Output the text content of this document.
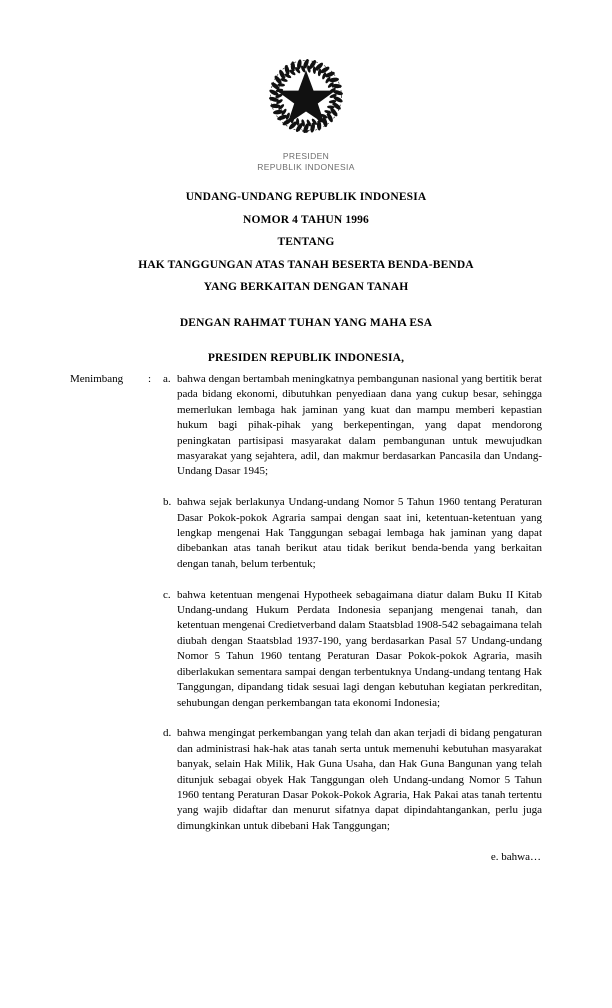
PRESIDEN
REPUBLIK INDONESIA
UNDANG-UNDANG REPUBLIK INDONESIA
NOMOR 4 TAHUN 1996
TENTANG
HAK TANGGUNGAN ATAS TANAH BESERTA BENDA-BENDA
YANG BERKAITAN DENGAN TANAH
DENGAN RAHMAT TUHAN YANG MAHA ESA
PRESIDEN REPUBLIK INDONESIA,
Menimbang	:	a. bahwa dengan bertambah meningkatnya pembangunan nasional yang bertitik berat pada bidang ekonomi, dibutuhkan penyediaan dana yang cukup besar, sehingga memerlukan lembaga hak jaminan yang kuat dan mampu memberi kepastian hukum bagi pihak-pihak yang berkepentingan, yang dapat mendorong peningkatan partisipasi masyarakat dalam pembangunan untuk mewujudkan masyarakat yang sejahtera, adil, dan makmur berdasarkan Pancasila dan Undang-Undang Dasar 1945;
b. bahwa sejak berlakunya Undang-undang Nomor 5 Tahun 1960 tentang Peraturan Dasar Pokok-pokok Agraria sampai dengan saat ini, ketentuan-ketentuan yang lengkap mengenai Hak Tanggungan sebagai lembaga hak jaminan yang dapat dibebankan atas tanah berikut atau tidak berikut benda-benda yang berkaitan dengan tanah, belum terbentuk;
c. bahwa ketentuan mengenai Hypotheek sebagaimana diatur dalam Buku II Kitab Undang-undang Hukum Perdata Indonesia sepanjang mengenai tanah, dan ketentuan mengenai Credietverband dalam Staatsblad 1908-542 sebagaimana telah diubah dengan Staatsblad 1937-190, yang berdasarkan Pasal 57 Undang-undang Nomor 5 Tahun 1960 tentang Peraturan Dasar Pokok-pokok Agraria, masih diberlakukan sementara sampai dengan terbentuknya Undang-undang tentang Hak Tanggungan, dipandang tidak sesuai lagi dengan kebutuhan kegiatan perkreditan, sehubungan dengan perkembangan tata ekonomi Indonesia;
d. bahwa mengingat perkembangan yang telah dan akan terjadi di bidang pengaturan dan administrasi hak-hak atas tanah serta untuk memenuhi kebutuhan masyarakat banyak, selain Hak Milik, Hak Guna Usaha, dan Hak Guna Bangunan yang telah ditunjuk sebagai obyek Hak Tanggungan oleh Undang-undang Nomor 5 Tahun 1960 tentang Peraturan Dasar Pokok-Pokok Agraria, Hak Pakai atas tanah tertentu yang wajib didaftar dan menurut sifatnya dapat dipindahtangankan, perlu juga dimungkinkan untuk dibebani Hak Tanggungan;
e. bahwa…
